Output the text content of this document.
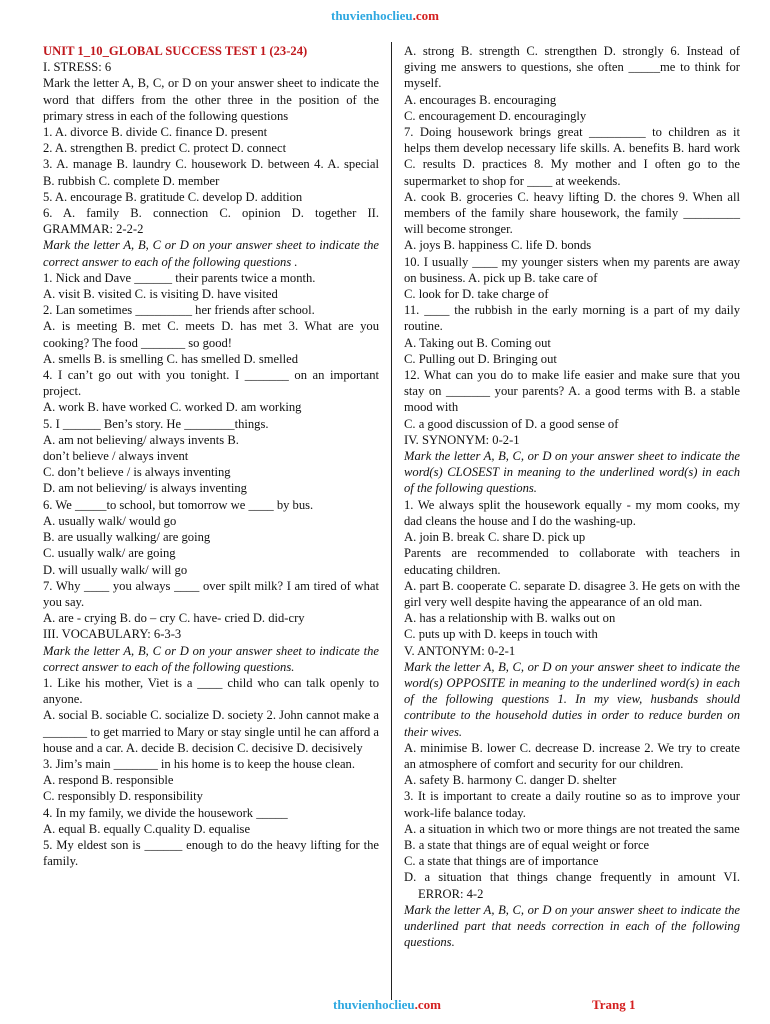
thuvienhoclieu.com

UNIT 1_10_GLOBAL SUCCESS TEST 1 (23-24)

I. STRESS: 6

Mark the letter A, B, C, or D on your answer sheet to indicate the word that differs from the other three in the position of the primary stress in each of the following questions

1. A. divorce B. divide C. finance D. present

2. A. strengthen B. predict C. protect D. connect

3. A. manage B. laundry C. housework D. between 4. A. special B. rubbish C. complete D. member

5. A. encourage B. gratitude C. develop D. addition

6. A. family B. connection C. opinion D. together II. GRAMMAR: 2-2-2

Mark the letter A, B, C or D on your answer sheet to indicate the correct answer to each of the following questions .

1. Nick and Dave ______ their parents twice a month.

A. visit B. visited C. is visiting D. have visited

2. Lan sometimes _________ her friends after school.

A. is meeting B. met C. meets D. has met 3. What are you cooking? The food _______ so good!

A. smells B. is smelling C. has smelled D. smelled

4. I can’t go out with you tonight. I _______ on an important project.

A. work B. have worked C. worked D. am working

5. I ______ Ben’s story. He ________things.

A. am not believing/ always invents B.

don’t believe / always invent

C. don’t believe / is always inventing

D. am not believing/ is always inventing

6. We _____to school, but tomorrow we ____ by bus.

A. usually walk/ would go

B. are usually walking/ are going

C. usually walk/ are going

D. will usually walk/ will go

7. Why ____ you always ____ over spilt milk? I am tired of what you say.

A. are - crying B. do – cry C. have- cried D. did-cry

III. VOCABULARY: 6-3-3

Mark the letter A, B, C or D on your answer sheet to indicate the correct answer to each of the following questions.

1. Like his mother, Viet is a ____ child who can talk openly to anyone.

A. social B. sociable C. socialize D. society 2. John cannot make a _______ to get married to Mary or stay single until he can afford a house and a car. A. decide B. decision C. decisive D. decisively

3. Jim’s main _______ in his home is to keep the house clean.

A. respond B. responsible

C. responsibly D. responsibility

4. In my family, we divide the housework _____

A. equal B. equally C.quality D. equalise

5. My eldest son is ______ enough to do the heavy lifting for the family.

A. strong B. strength C. strengthen D. strongly 6. Instead of giving me answers to questions, she often _____me to think for myself.

A. encourages B. encouraging

C. encouragement D. encouragingly

7. Doing housework brings great _________ to children as it helps them develop necessary life skills. A. benefits B. hard work C. results D. practices 8. My mother and I often go to the supermarket to shop for ____ at weekends.

A. cook B. groceries C. heavy lifting D. the chores 9. When all members of the family share housework, the family _________ will become stronger.

A. joys B. happiness C. life D. bonds

10. I usually ____ my younger sisters when my parents are away on business. A. pick up B. take care of

C. look for D. take charge of

11. ____ the rubbish in the early morning is a part of my daily routine.

A. Taking out B. Coming out

C. Pulling out D. Bringing out

12. What can you do to make life easier and make sure that you stay on _______ your parents? A. a good terms with B. a stable mood with

C. a good discussion of D. a good sense of

IV. SYNONYM: 0-2-1

Mark the letter A, B, C, or D on your answer sheet to indicate the word(s) CLOSEST in meaning to the underlined word(s) in each of the following questions.

1. We always split the housework equally - my mom cooks, my dad cleans the house and I do the washing-up.

A. join B. break C. share D. pick up

Parents are recommended to collaborate with teachers in educating children.

A. part B. cooperate C. separate D. disagree 3. He gets on with the girl very well despite having the appearance of an old man.

A. has a relationship with B. walks out on

C. puts up with D. keeps in touch with

V. ANTONYM: 0-2-1

Mark the letter A, B, C, or D on your answer sheet to indicate the word(s) OPPOSITE in meaning to the underlined word(s) in each of the following questions 1. In my view, husbands should contribute to the household duties in order to reduce burden on their wives.

A. minimise B. lower C. decrease D. increase 2. We try to create an atmosphere of comfort and security for our children.

A. safety B. harmony C. danger D. shelter

3. It is important to create a daily routine so as to improve your work-life balance today.

A. a situation in which two or more things are not treated the same

B. a state that things are of equal weight or force

C. a state that things are of importance

D. a situation that things change frequently in amount VI. ERROR: 4-2

Mark the letter A, B, C, or D on your answer sheet to indicate the underlined part that needs correction in each of the following questions.

thuvienhoclieu.com	Trang 1
